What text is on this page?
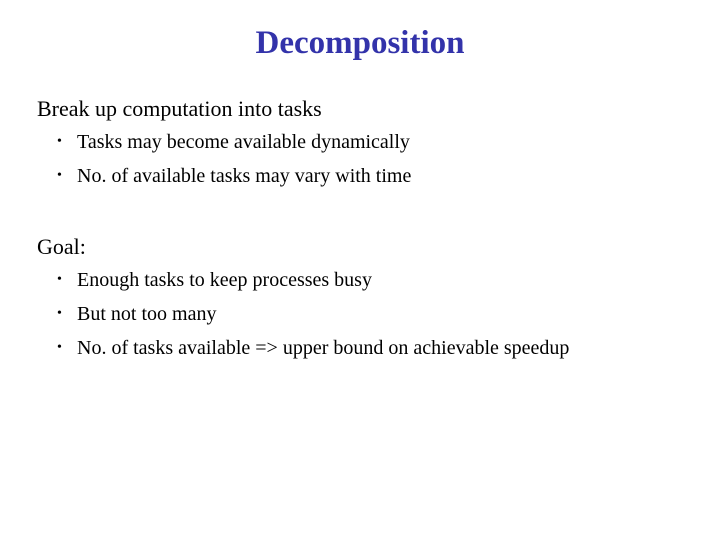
Decomposition

Break up computation into tasks

• Tasks may become available dynamically
• No. of available tasks may vary with time

Goal:

• Enough tasks to keep processes busy
• But not too many
• No. of tasks available => upper bound on achievable speedup
